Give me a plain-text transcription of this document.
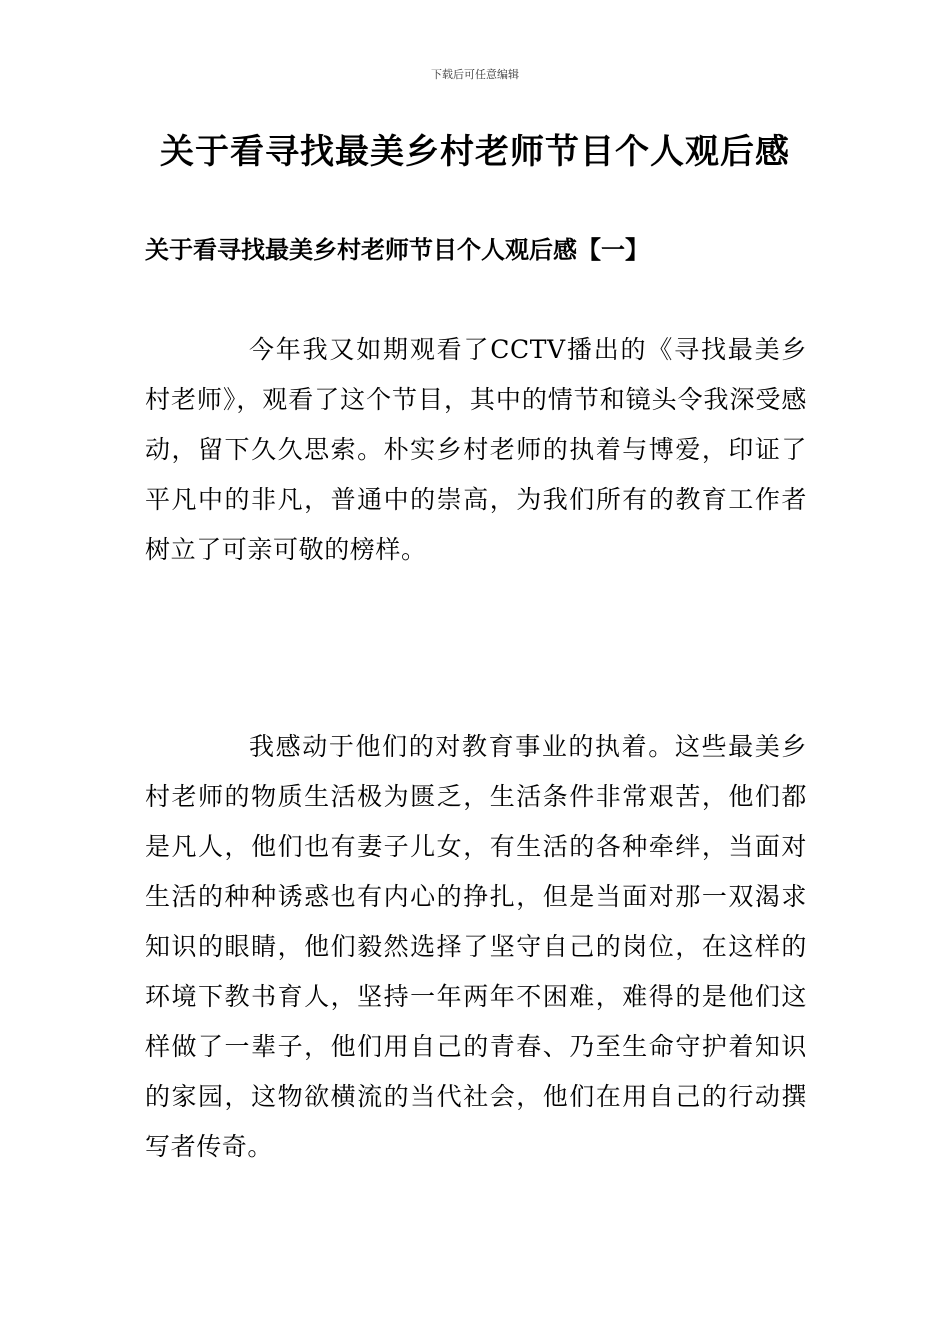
下载后可任意编辑
关于看寻找最美乡村老师节目个人观后感
关于看寻找最美乡村老师节目个人观后感【一】

今年我又如期观看了CCTV播出的《寻找最美乡村老师》，观看了这个节目，其中的情节和镜头令我深受感动，留下久久思索。朴实乡村老师的执着与博爱，印证了平凡中的非凡，普通中的崇高，为我们所有的教育工作者树立了可亲可敬的榜样。

我感动于他们的对教育事业的执着。这些最美乡村老师的物质生活极为匮乏，生活条件非常艰苦，他们都是凡人，他们也有妻子儿女，有生活的各种牵绊，当面对生活的种种诱惑也有内心的挣扎，但是当面对那一双渴求知识的眼睛，他们毅然选择了坚守自己的岗位，在这样的环境下教书育人，坚持一年两年不困难，难得的是他们这样做了一辈子，他们用自己的青春、乃至生命守护着知识的家园，这物欲横流的当代社会，他们在用自己的行动撰写者传奇。
